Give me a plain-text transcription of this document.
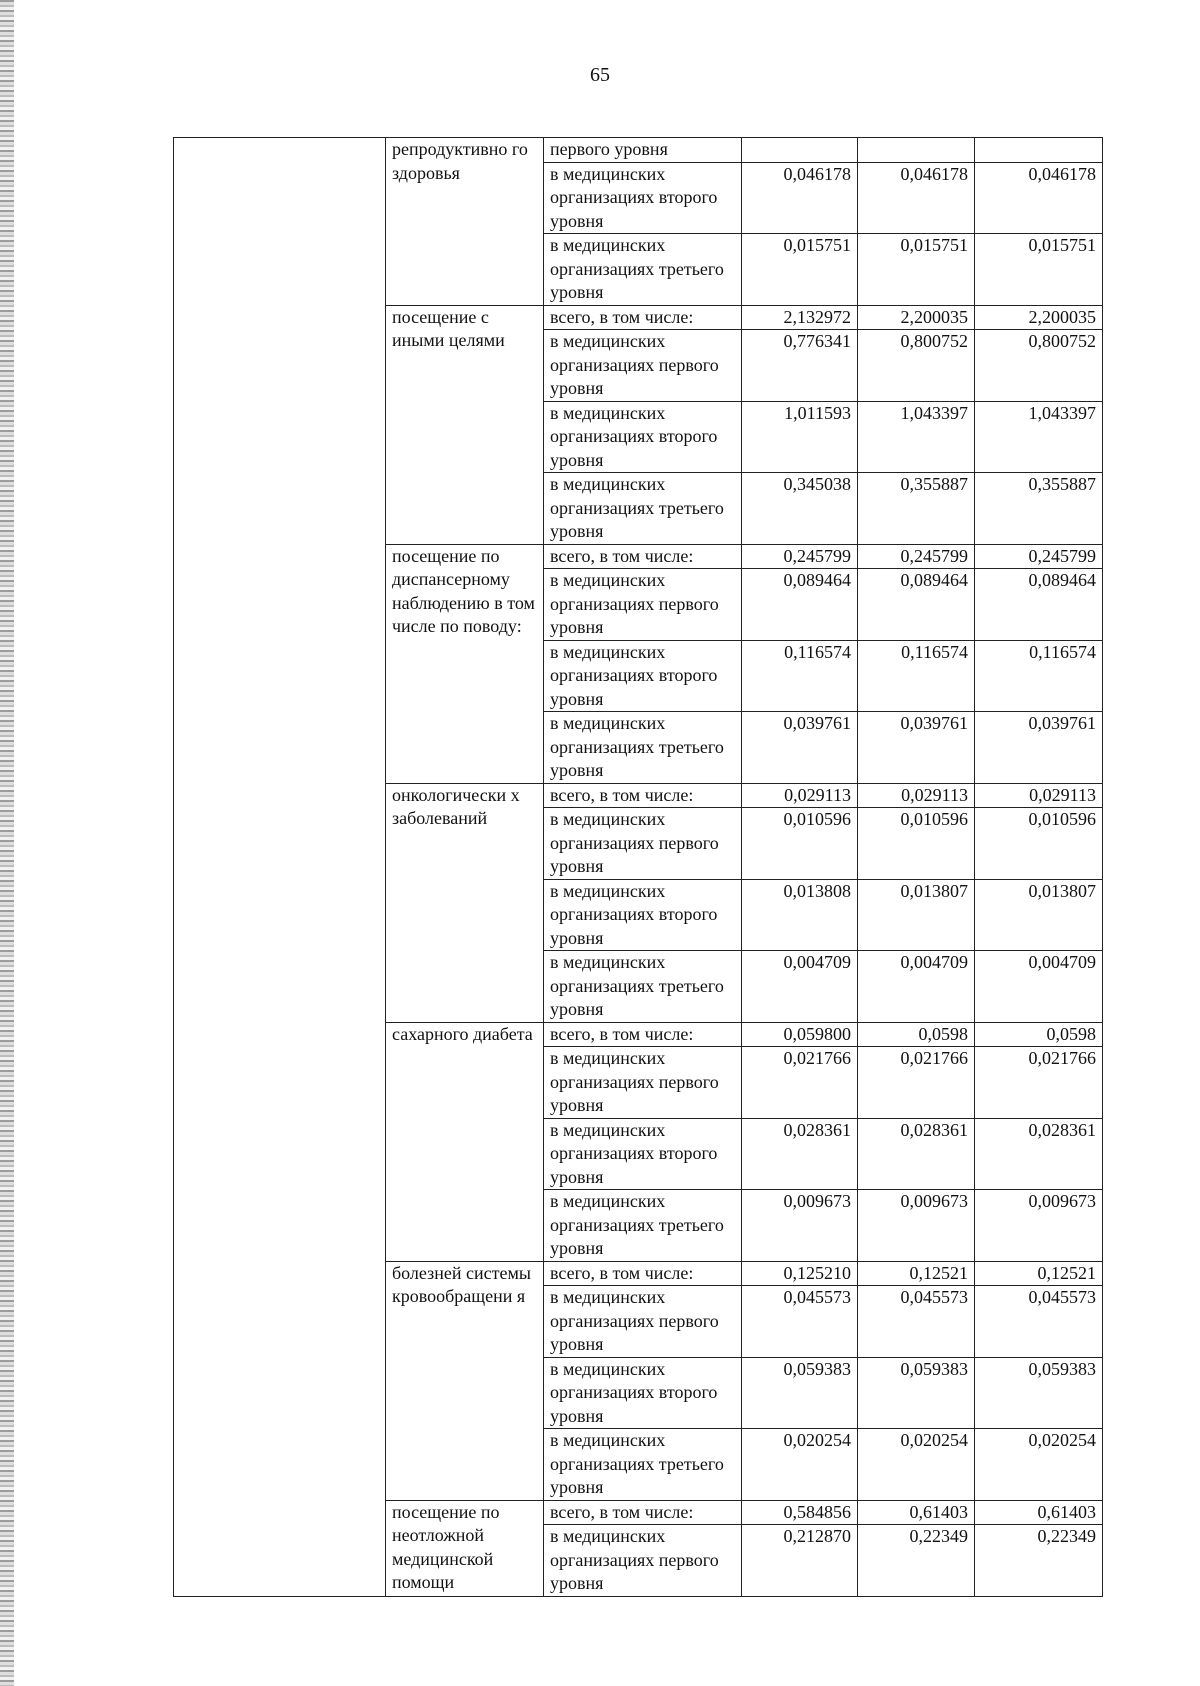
65
	репродуктивно го здоровья	первого уровня			
		в медицинских организациях второго уровня	0,046178	0,046178	0,046178
		в медицинских организациях третьего уровня	0,015751	0,015751	0,015751
	посещение с иными целями	всего, в том числе:	2,132972	2,200035	2,200035
		в медицинских организациях первого уровня	0,776341	0,800752	0,800752
		в медицинских организациях второго уровня	1,011593	1,043397	1,043397
		в медицинских организациях третьего уровня	0,345038	0,355887	0,355887
	посещение по диспансерному наблюдению в том числе по поводу:	всего, в том числе:	0,245799	0,245799	0,245799
		в медицинских организациях первого уровня	0,089464	0,089464	0,089464
		в медицинских организациях второго уровня	0,116574	0,116574	0,116574
		в медицинских организациях третьего уровня	0,039761	0,039761	0,039761
	онкологически х заболеваний	всего, в том числе:	0,029113	0,029113	0,029113
		в медицинских организациях первого уровня	0,010596	0,010596	0,010596
		в медицинских организациях второго уровня	0,013808	0,013807	0,013807
		в медицинских организациях третьего уровня	0,004709	0,004709	0,004709
	сахарного диабета	всего, в том числе:	0,059800	0,0598	0,0598
		в медицинских организациях первого уровня	0,021766	0,021766	0,021766
		в медицинских организациях второго уровня	0,028361	0,028361	0,028361
		в медицинских организациях третьего уровня	0,009673	0,009673	0,009673
	болезней системы кровообращени я	всего, в том числе:	0,125210	0,12521	0,12521
		в медицинских организациях первого уровня	0,045573	0,045573	0,045573
		в медицинских организациях второго уровня	0,059383	0,059383	0,059383
		в медицинских организациях третьего уровня	0,020254	0,020254	0,020254
	посещение по неотложной медицинской помощи	всего, в том числе:	0,584856	0,61403	0,61403
		в медицинских организациях первого уровня	0,212870	0,22349	0,22349
